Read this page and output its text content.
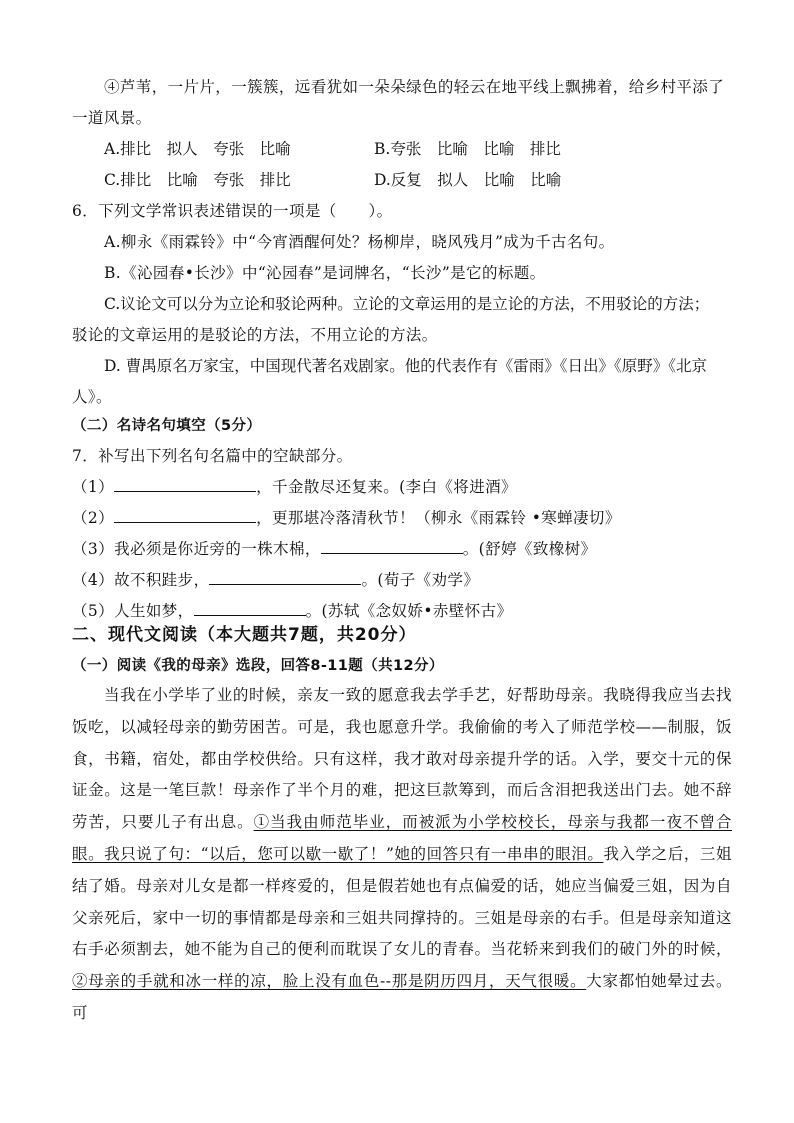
④芦苇，一片片，一簇簇，远看犹如一朵朵绿色的轻云在地平线上飘拂着，给乡村平添了
一道风景。
A.排比　拟人　夸张　比喻	B.夸张　比喻　比喻　排比
C.排比　比喻　夸张　排比	D.反复　拟人　比喻　比喻
6．下列文学常识表述错误的一项是（　　）。
A.柳永《雨霖铃》中“今宵酒醒何处？杨柳岸，晓风残月”成为千古名句。
B.《沁园春•长沙》中“沁园春”是词牌名，“长沙”是它的标题。
C.议论文可以分为立论和驳论两种。立论的文章运用的是立论的方法，不用驳论的方法；
驳论的文章运用的是驳论的方法，不用立论的方法。
D. 曹禺原名万家宝，中国现代著名戏剧家。他的代表作有《雷雨》《日出》《原野》《北京
人》。
（二）名诗名句填空（5分）
7．补写出下列名句名篇中的空缺部分。
（1）	，千金散尽还复来。(李白《将进酒》
（2）	，更那堪冷落清秋节！（柳永《雨霖铃 •寒蝉凄切》
（3）我必须是你近旁的一株木棉，	。(舒婷《致橡树》
（4）故不积跬步，	。(荀子《劝学》
（5）人生如梦，	。(苏轼《念奴娇•赤壁怀古》
二、现代文阅读（本大题共7题，共20分）
（一）阅读《我的母亲》选段，回答8-11题（共12分）
当我在小学毕了业的时候，亲友一致的愿意我去学手艺，好帮助母亲。我晓得我应当去找饭吃，以减轻母亲的勤劳困苦。可是，我也愿意升学。我偷偷的考入了师范学校——制服，饭食，书籍，宿处，都由学校供给。只有这样，我才敢对母亲提升学的话。入学，要交十元的保证金。这是一笔巨款！母亲作了半个月的难，把这巨款筹到，而后含泪把我送出门去。她不辞劳苦，只要儿子有出息。①当我由师范毕业，而被派为小学校校长，母亲与我都一夜不曾合眼。我只说了句：“以后，您可以歇一歇了！”她的回答只有一串串的眼泪。我入学之后，三姐结了婚。母亲对儿女是都一样疼爱的，但是假若她也有点偏爱的话，她应当偏爱三姐，因为自父亲死后，家中一切的事情都是母亲和三姐共同撑持的。三姐是母亲的右手。但是母亲知道这右手必须割去，她不能为自己的便利而耽误了女儿的青春。当花轿来到我们的破门外的时候，②母亲的手就和冰一样的凉，脸上没有血色--那是阴历四月，天气很暖。大家都怕她晕过去。可
